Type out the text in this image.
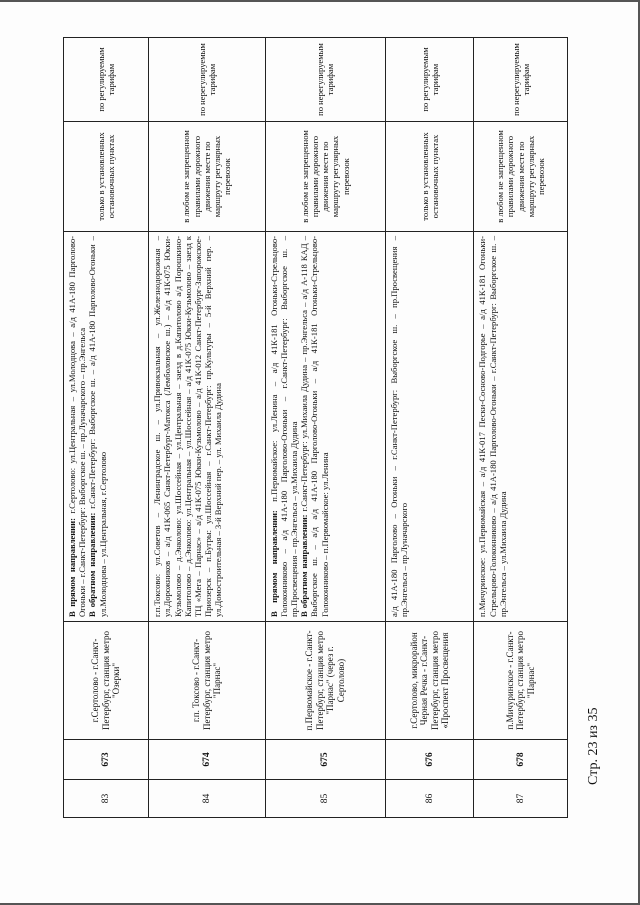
Стр. 23 из 35
83	673	г.Сертолово - г.Санкт-Петербург, станция метро "Озерки"	В прямом направлении: г.Сертолово: ул.Центральная – ул.Молодцова – а/д 41А-180 Парголово-Огоньки – г.Санкт-Петербург: Выборгское ш. – пр.Луначарского – пр.Энгельса В обратном направлении: г.Санкт-Петербург: Выборгское ш. – а/д 41А-180 Парголово-Огоньки – ул.Молодцова – ул.Центральная, г.Сертолово	только в установленных остановочных пунктах	по регулируемым тарифам
84	674	г.п. Токсово - г.Санкт-Петербург, станция метро "Парнас"	г.п.Токсово: ул.Советов – Ленинградское ш. – ул.Привокзальная – ул.Железнодорожная – ул.Дорожников – а/д 41К-065 Санкт-Петербург-Матокса (Лемболовское ш.) – а/д 41К-075 Юкки-Кузьмолово – д.Энколово: ул.Шоссейная – ул.Центральная – заезд в д.Капитолово а/д Порошкино-Капитолово – д.Энколово: ул.Центральная – ул.Шоссейная – а/д 41К-075 Юкки-Кузьмолово – заезд к ТЦ «Мега – Парнас» – а/д 41К-075 Юкки-Кузьмолово – а/д 41К-012 Санкт-Петербург-Запорожское-Приозерск – п.Бугры: ул.Шоссейная – г.Санкт-Петербург: пр.Культуры – 5-й Верхний пер. – ул.Домостроительная – 3-й Верхний пер. – ул. Михаила Дудина	в любом не запрещенном правилами дорожного движения месте по маршруту регулярных перевозок	по нерегулируемым тарифам
85	675	п.Первомайское - г.Санкт-Петербург, станция метро "Парнас" (через г. Сертолово)	В прямом направлении: п.Первомайское: ул.Ленина – а/д 41К-181 Огоньки-Стрельцово-Голоконниково – а/д 41А-180 Парголово-Огоньки – г.Санкт-Петербург: Выборгское ш. – пр.Просвещения – пр.Энгельса – ул.Михаила Дудина В обратном направлении: г.Санкт-Петербург: ул.Михаила Дудина – пр.Энгельса – а/д А-118 КАД – Выборгское ш. – а/д а/д 41А-180 Парголово-Огоньки – а/д 41К-181 Огоньки-Стрельцово-Голоконниково – п.Первомайское: ул.Ленина	в любом не запрещенном правилами дорожного движения месте по маршруту регулярных перевозок	по нерегулируемым тарифам
86	676	г.Сертолово, микрорайон Черная Речка - г.Санкт-Петербург, станция метро «Проспект Просвещения	а/д 41А-180 Парголово – Огоньки – г.Санкт-Петербург: Выборгское ш. – пр.Просвещения – пр.Энгельса – пр.Луначарского	только в установленных остановочных пунктах	по регулируемым тарифам
87	678	п.Мичуринское - г.Санкт-Петербург, станция метро "Парнас"	п.Мичуринское: ул.Первомайская – а/д 41К-017 Пески-Сосново-Подгорье – а/д 41К-181 Огоньки-Стрельцово-Голоконниково – а/д 41А-180 Парголово-Огоньки – г.Санкт-Петербург: Выборгское ш. – пр.Энгельса – ул.Михаила Дудина	в любом не запрещенном правилами дорожного движения месте по маршруту регулярных перевозок	по нерегулируемым тарифам
